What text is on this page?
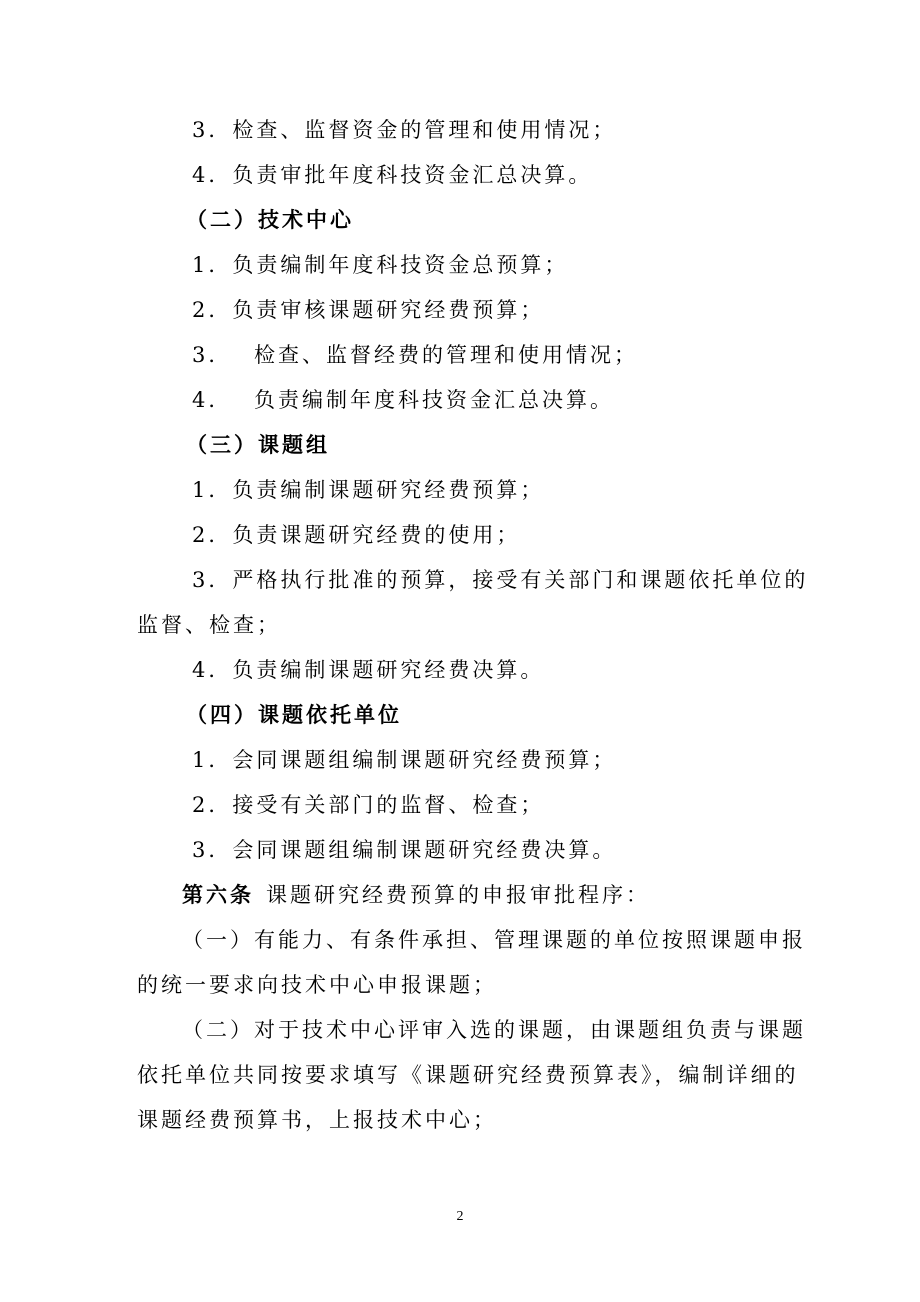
3．检查、监督资金的管理和使用情况；
4．负责审批年度科技资金汇总决算。
（二）技术中心
1．负责编制年度科技资金总预算；
2．负责审核课题研究经费预算；
3． 检查、监督经费的管理和使用情况；
4． 负责编制年度科技资金汇总决算。
（三）课题组
1．负责编制课题研究经费预算；
2．负责课题研究经费的使用；
3．严格执行批准的预算，接受有关部门和课题依托单位的
监督、检查；
4．负责编制课题研究经费决算。
（四）课题依托单位
1．会同课题组编制课题研究经费预算；
2．接受有关部门的监督、检查；
3．会同课题组编制课题研究经费决算。
第六条 课题研究经费预算的申报审批程序：
（一）有能力、有条件承担、管理课题的单位按照课题申报
的统一要求向技术中心申报课题；
（二）对于技术中心评审入选的课题，由课题组负责与课题
依托单位共同按要求填写《课题研究经费预算表》，编制详细的
课题经费预算书，上报技术中心；
2
